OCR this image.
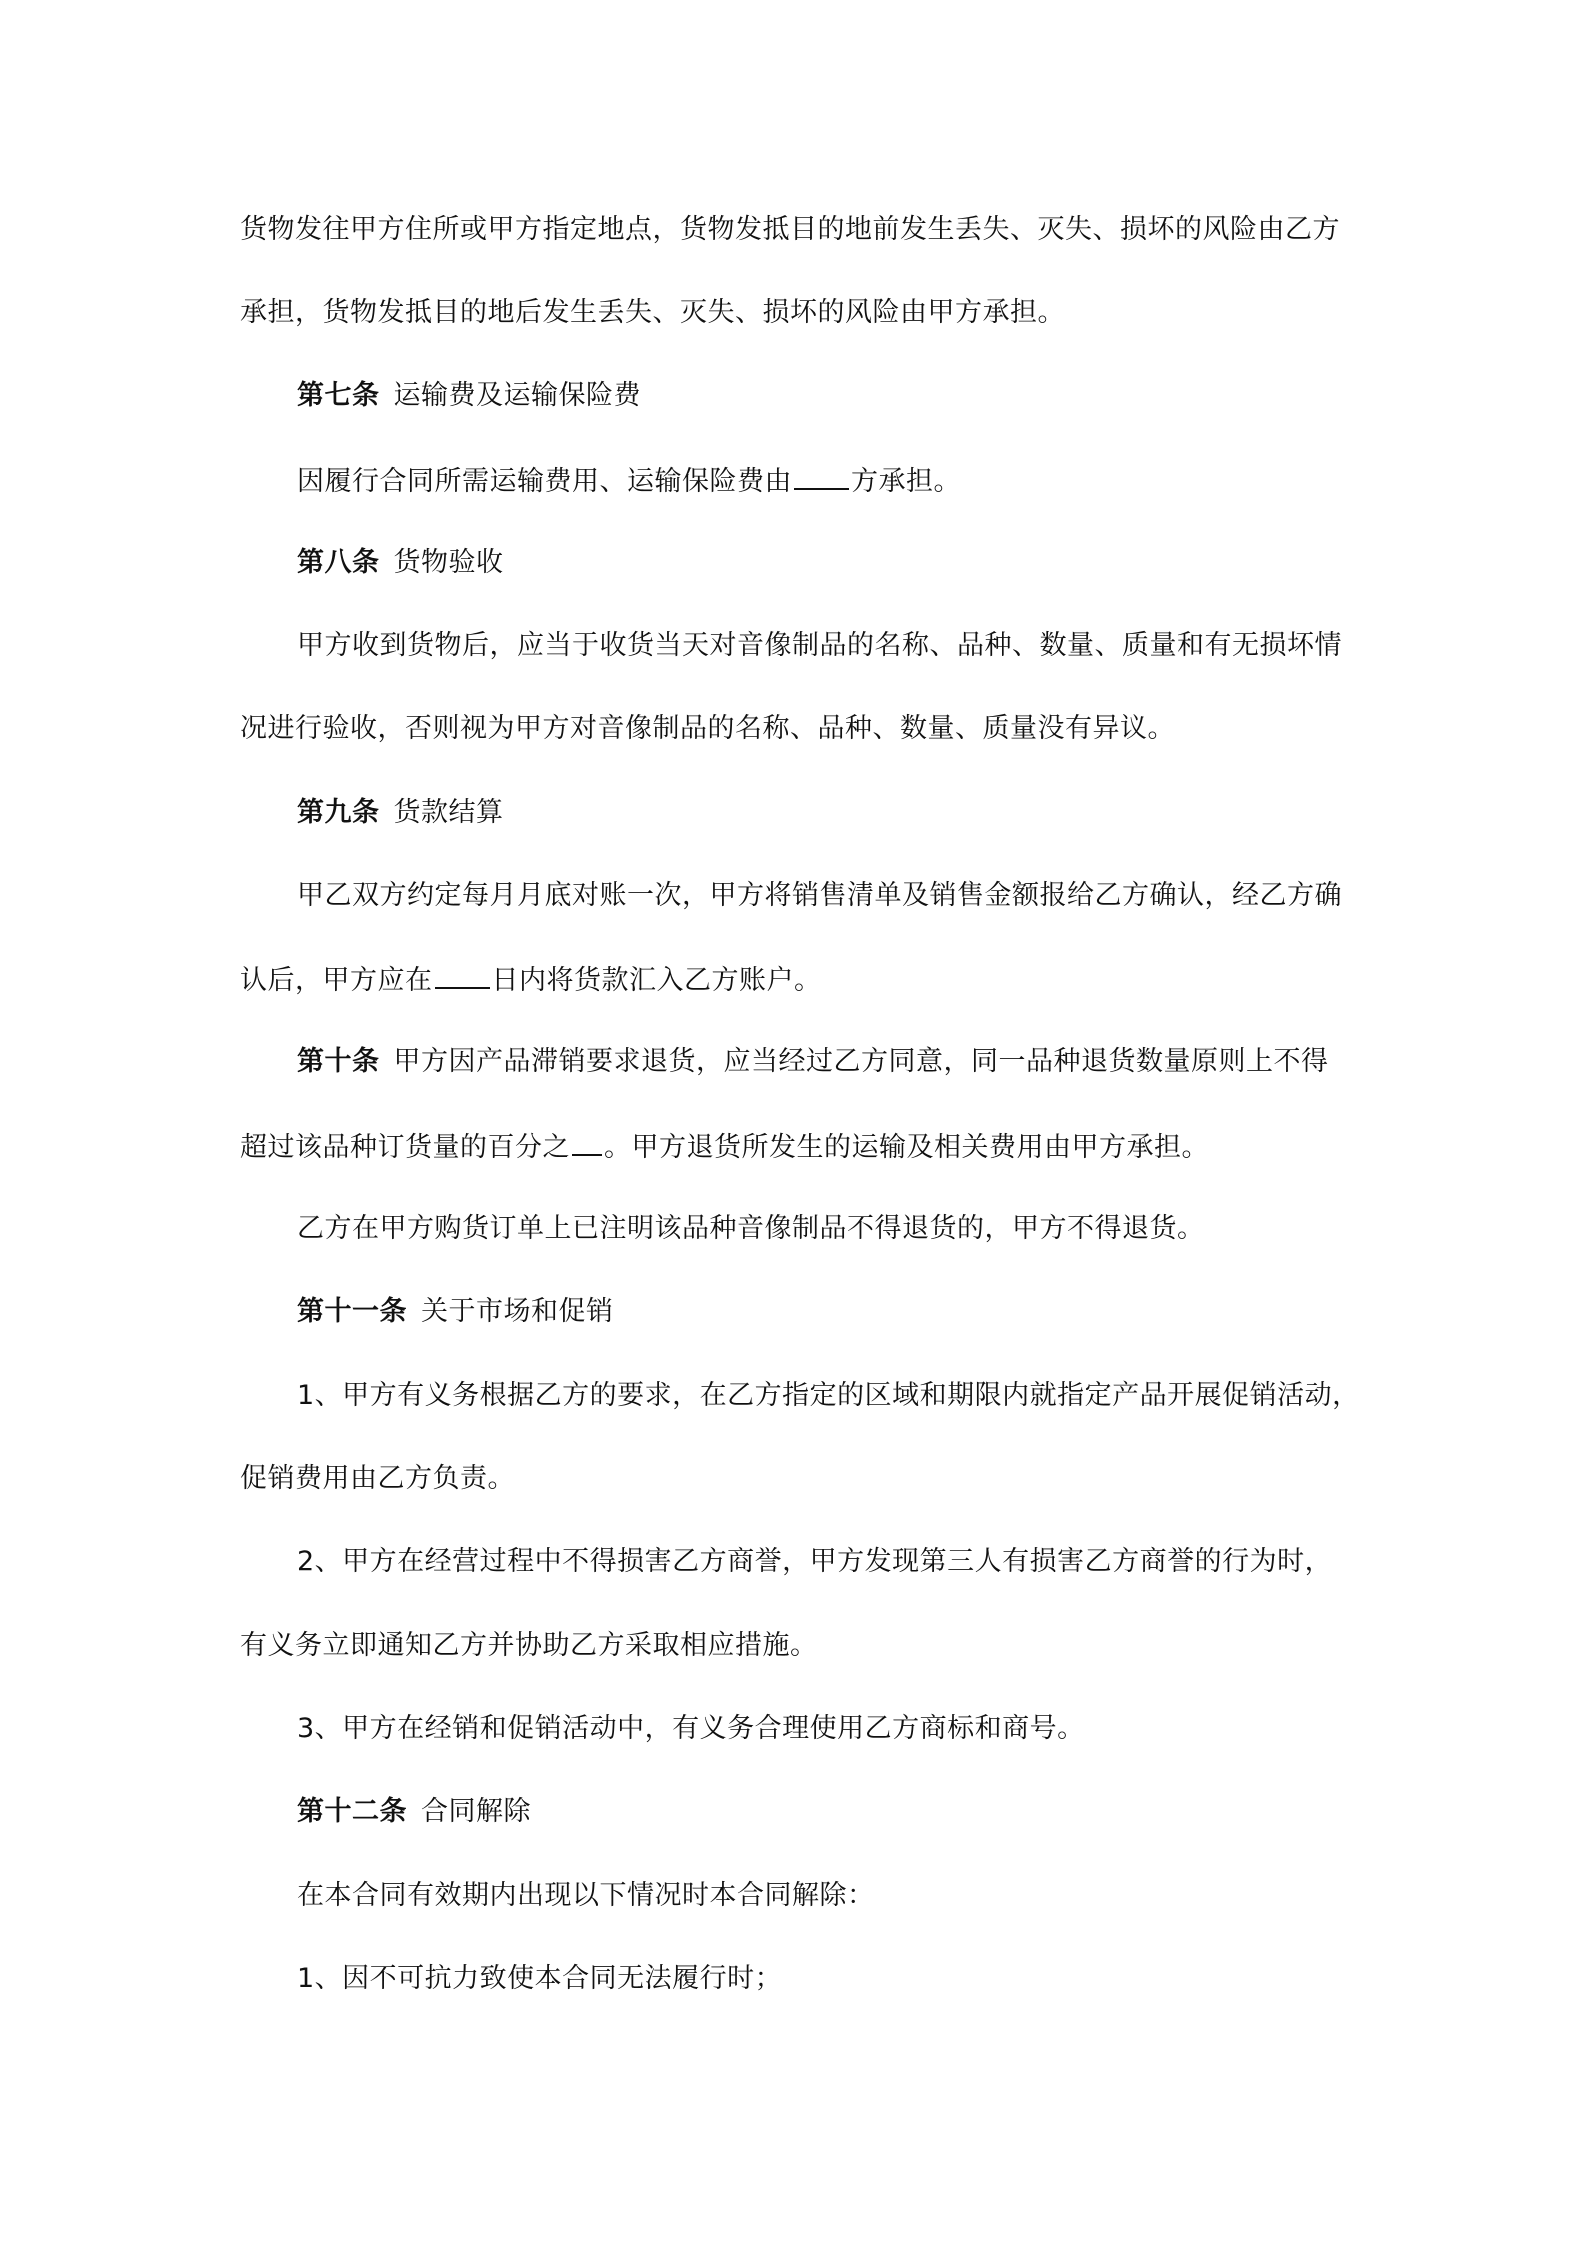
货物发往甲方住所或甲方指定地点，货物发抵目的地前发生丢失、灭失、损坏的风险由乙方
承担，货物发抵目的地后发生丢失、灭失、损坏的风险由甲方承担。
第七条 运输费及运输保险费
因履行合同所需运输费用、运输保险费由 方承担。
第八条 货物验收
甲方收到货物后，应当于收货当天对音像制品的名称、品种、数量、质量和有无损坏情
况进行验收，否则视为甲方对音像制品的名称、品种、数量、质量没有异议。
第九条 货款结算
甲乙双方约定每月月底对账一次，甲方将销售清单及销售金额报给乙方确认，经乙方确
认后，甲方应在 日内将货款汇入乙方账户。
第十条 甲方因产品滞销要求退货，应当经过乙方同意，同一品种退货数量原则上不得
超过该品种订货量的百分之 。甲方退货所发生的运输及相关费用由甲方承担。
乙方在甲方购货订单上已注明该品种音像制品不得退货的，甲方不得退货。
第十一条 关于市场和促销
1、甲方有义务根据乙方的要求，在乙方指定的区域和期限内就指定产品开展促销活动，
促销费用由乙方负责。
2、甲方在经营过程中不得损害乙方商誉，甲方发现第三人有损害乙方商誉的行为时，
有义务立即通知乙方并协助乙方采取相应措施。
3、甲方在经销和促销活动中，有义务合理使用乙方商标和商号。
第十二条 合同解除
在本合同有效期内出现以下情况时本合同解除：
1、因不可抗力致使本合同无法履行时；
